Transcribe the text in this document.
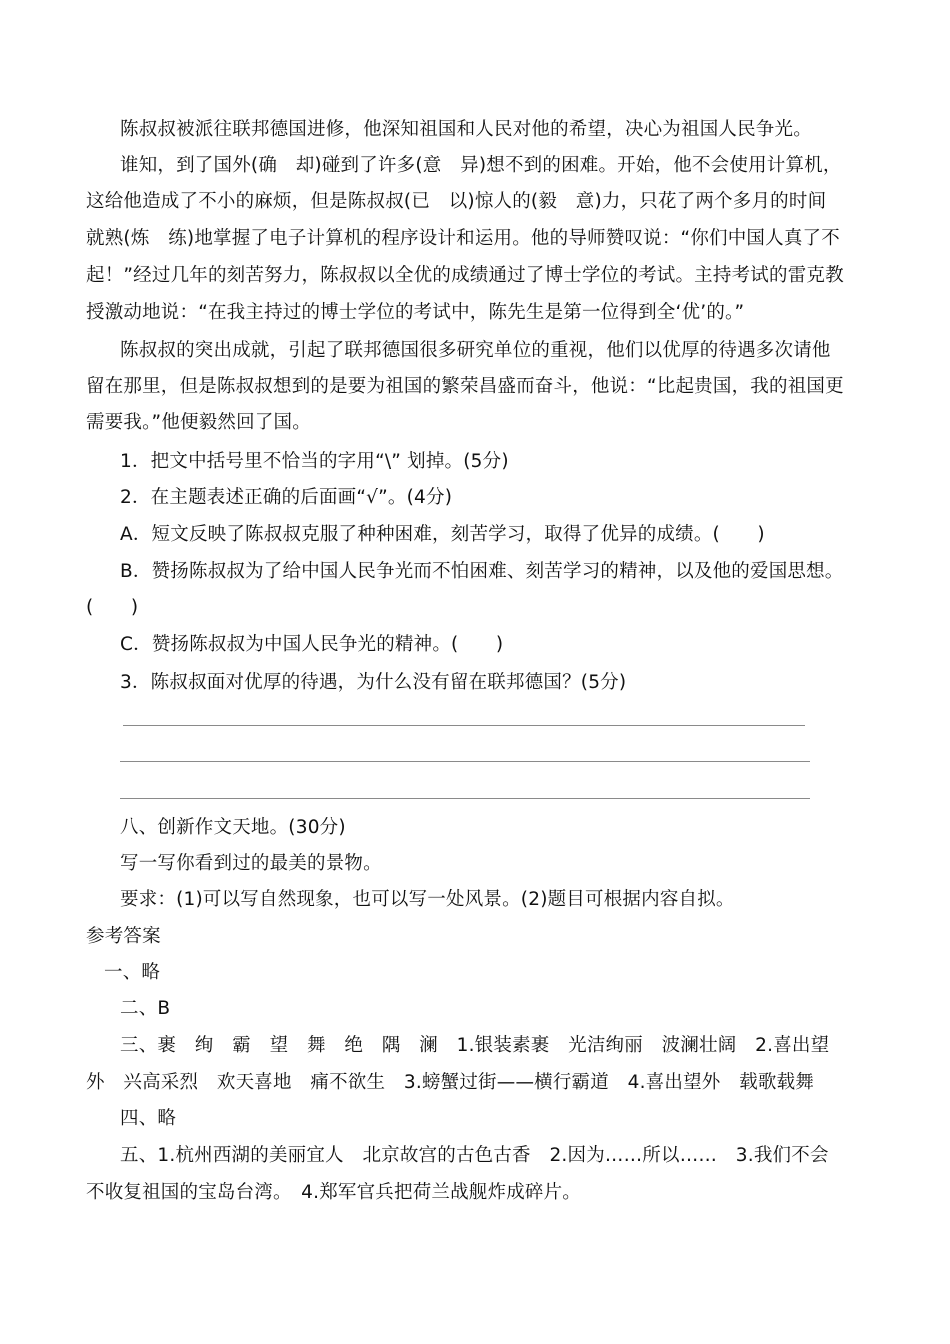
陈叔叔被派往联邦德国进修，他深知祖国和人民对他的希望，决心为祖国人民争光。
谁知，到了国外(确　却)碰到了许多(意　异)想不到的困难。开始，他不会使用计算机，
这给他造成了不小的麻烦，但是陈叔叔(已　以)惊人的(毅　意)力，只花了两个多月的时间
就熟(炼　练)地掌握了电子计算机的程序设计和运用。他的导师赞叹说：“你们中国人真了不
起！”经过几年的刻苦努力，陈叔叔以全优的成绩通过了博士学位的考试。主持考试的雷克教
授激动地说：“在我主持过的博士学位的考试中，陈先生是第一位得到全‘优’的。”
陈叔叔的突出成就，引起了联邦德国很多研究单位的重视，他们以优厚的待遇多次请他
留在那里，但是陈叔叔想到的是要为祖国的繁荣昌盛而奋斗，他说：“比起贵国，我的祖国更
需要我。”他便毅然回了国。
1．把文中括号里不恰当的字用“\” 划掉。(5分)
2．在主题表述正确的后面画“√”。(4分)
A．短文反映了陈叔叔克服了种种困难，刻苦学习，取得了优异的成绩。(　　)
B．赞扬陈叔叔为了给中国人民争光而不怕困难、刻苦学习的精神，以及他的爱国思想。
(　　)
C．赞扬陈叔叔为中国人民争光的精神。(　　)
3．陈叔叔面对优厚的待遇，为什么没有留在联邦德国？(5分)
八、创新作文天地。(30分)
写一写你看到过的最美的景物。
要求：(1)可以写自然现象，也可以写一处风景。(2)题目可根据内容自拟。
参考答案
一、略
二、B
三、裹　绚　霸　望　舞　绝　隅　澜　1.银装素裹　光洁绚丽　波澜壮阔　2.喜出望
外　兴高采烈　欢天喜地　痛不欲生　3.螃蟹过街——横行霸道　4.喜出望外　载歌载舞
四、略
五、1.杭州西湖的美丽宜人　北京故宫的古色古香　2.因为……所以……　3.我们不会
不收复祖国的宝岛台湾。　4.郑军官兵把荷兰战舰炸成碎片。
